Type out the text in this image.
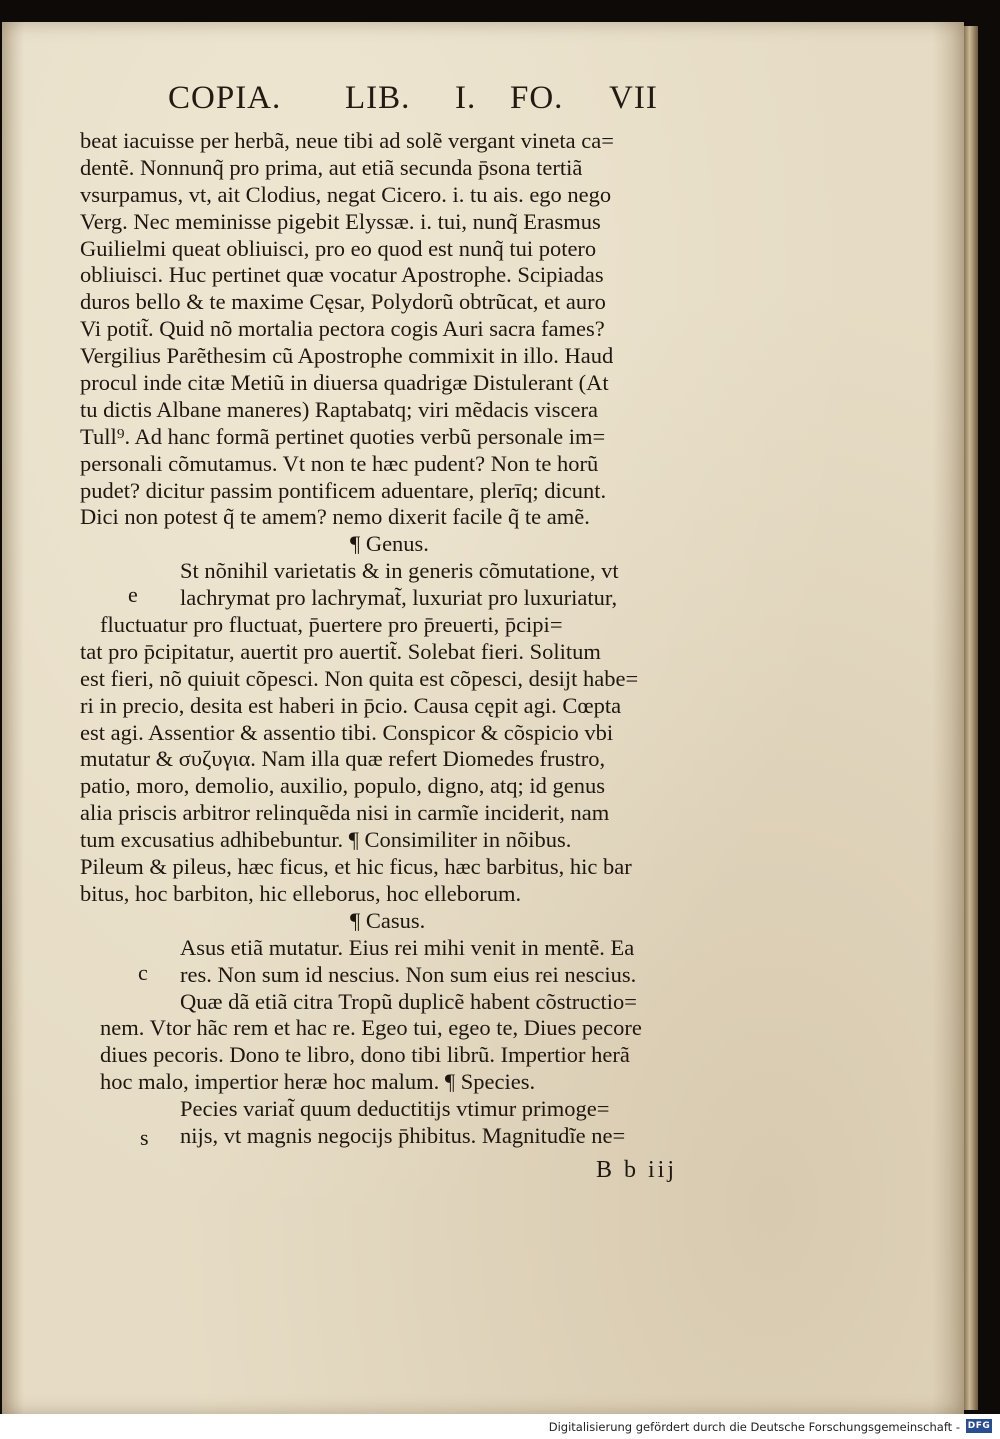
COPIA. LIB. I. FO. VII
beat iacuisse per herbã, neue tibi ad solẽ vergant vineta ca=
dentẽ. Nonnunq̃ pro prima, aut etiã secunda p̄sona tertiã
vsurpamus, vt, ait Clodius, negat Cicero. i. tu ais. ego nego
Verg. Nec meminisse pigebit Elyssæ. i. tui, nunq̃ Erasmus
Guilielmi queat obliuisci, pro eo quod est nunq̃ tui potero
obliuisci. Huc pertinet quæ vocatur Apostrophe. Scipiadas
duros bello & te maxime Cęsar, Polydorũ obtrũcat, et auro
Vi potit̃. Quid nõ mortalia pectora cogis Auri sacra fames?
Vergilius Parẽthesim cũ Apostrophe commixit in illo. Haud
procul inde citæ Metiũ in diuersa quadrigæ Distulerant (At
tu dictis Albane maneres) Raptabatq; viri mẽdacis viscera
Tull⁹. Ad hanc formã pertinet quoties verbũ personale im=
personali cõmutamus. Vt non te hæc pudent? Non te horũ
pudet? dicitur passim pontificem aduentare, plerīq; dicunt.
Dici non potest q̃ te amem? nemo dixerit facile q̃ te amẽ.
¶ Genus.
St nõnihil varietatis & in generis cõmutatione, vt
lachrymat pro lachrymat̃, luxuriat pro luxuriatur,
fluctuatur pro fluctuat, p̄uertere pro p̄reuerti, p̄cipi=
tat pro p̄cipitatur, auertit pro auertit̃. Solebat fieri. Solitum
est fieri, nõ quiuit cõpesci. Non quita est cõpesci, desijt habe=
ri in precio, desita est haberi in p̄cio. Causa cępit agi. Cœpta
est agi. Assentior & assentio tibi. Conspicor & cõspicio vbi
mutatur & συζυγια. Nam illa quæ refert Diomedes frustro,
patio, moro, demolio, auxilio, populo, digno, atq; id genus
alia priscis arbitror relinquẽda nisi in carmĩe inciderit, nam
tum excusatius adhibebuntur. ¶ Consimiliter in nõibus.
Pileum & pileus, hæc ficus, et hic ficus, hæc barbitus, hic bar
bitus, hoc barbiton, hic elleborus, hoc elleborum.
¶ Casus.
Asus etiã mutatur. Eius rei mihi venit in mentẽ. Ea
res. Non sum id nescius. Non sum eius rei nescius.
Quæ dã etiã citra Tropũ duplicẽ habent cõstructio=
nem. Vtor hãc rem et hac re. Egeo tui, egeo te, Diues pecore
diues pecoris. Dono te libro, dono tibi librũ. Impertior herã
hoc malo, impertior heræ hoc malum. ¶ Species.
Pecies variat̃ quum deductitijs vtimur primoge=
nijs, vt magnis negocijs p̄hibitus. Magnitudĩe ne=
e
c
s
B b iij
Digitalisierung gefördert durch die Deutsche Forschungsgemeinschaft - DFG
